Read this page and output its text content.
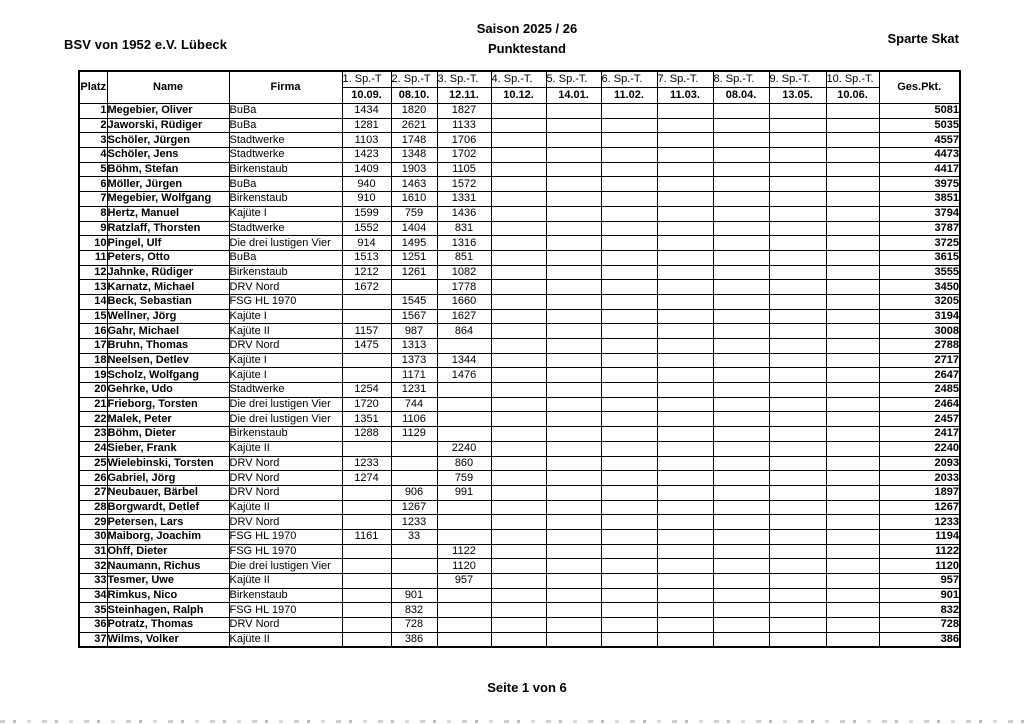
BSV von 1952 e.V. Lübeck
Saison 2025 / 26
Punktestand
Sparte Skat
Platz	Name	Firma	1. Sp.-T	2. Sp.-T	3. Sp.-T.	4. Sp.-T.	5. Sp.-T.	6. Sp.-T.	7. Sp.-T.	8. Sp.-T.	9. Sp.-T.	10. Sp.-T.	Ges.Pkt.
			10.09.	08.10.	12.11.	10.12.	14.01.	11.02.	11.03.	08.04.	13.05.	10.06.	
1	Megebier, Oliver	BuBa	1434	1820	1827								5081
2	Jaworski, Rüdiger	BuBa	1281	2621	1133								5035
3	Schöler, Jürgen	Stadtwerke	1103	1748	1706								4557
4	Schöler, Jens	Stadtwerke	1423	1348	1702								4473
5	Böhm, Stefan	Birkenstaub	1409	1903	1105								4417
6	Möller, Jürgen	BuBa	940	1463	1572								3975
7	Megebier, Wolfgang	Birkenstaub	910	1610	1331								3851
8	Hertz, Manuel	Kajüte I	1599	759	1436								3794
9	Ratzlaff, Thorsten	Stadtwerke	1552	1404	831								3787
10	Pingel, Ulf	Die drei lustigen Vier	914	1495	1316								3725
11	Peters, Otto	BuBa	1513	1251	851								3615
12	Jahnke, Rüdiger	Birkenstaub	1212	1261	1082								3555
13	Karnatz, Michael	DRV Nord	1672		1778								3450
14	Beck, Sebastian	FSG HL 1970		1545	1660								3205
15	Wellner, Jörg	Kajüte I		1567	1627								3194
16	Gahr, Michael	Kajüte II	1157	987	864								3008
17	Bruhn, Thomas	DRV Nord	1475	1313									2788
18	Neelsen, Detlev	Kajüte I		1373	1344								2717
19	Scholz, Wolfgang	Kajüte I		1171	1476								2647
20	Gehrke, Udo	Stadtwerke	1254	1231									2485
21	Frieborg, Torsten	Die drei lustigen Vier	1720	744									2464
22	Malek, Peter	Die drei lustigen Vier	1351	1106									2457
23	Böhm, Dieter	Birkenstaub	1288	1129									2417
24	Sieber, Frank	Kajüte II			2240								2240
25	Wielebinski, Torsten	DRV Nord	1233		860								2093
26	Gabriel, Jörg	DRV Nord	1274		759								2033
27	Neubauer, Bärbel	DRV Nord		906	991								1897
28	Borgwardt, Detlef	Kajüte II		1267									1267
29	Petersen, Lars	DRV Nord		1233									1233
30	Maiborg, Joachim	FSG HL 1970	1161	33									1194
31	Ohff, Dieter	FSG HL 1970			1122								1122
32	Naumann, Richus	Die drei lustigen Vier			1120								1120
33	Tesmer, Uwe	Kajüte II			957								957
34	Rimkus, Nico	Birkenstaub		901									901
35	Steinhagen, Ralph	FSG HL 1970		832									832
36	Potratz, Thomas	DRV Nord		728									728
37	Wilms, Volker	Kajüte II		386									386
Seite 1 von 6
